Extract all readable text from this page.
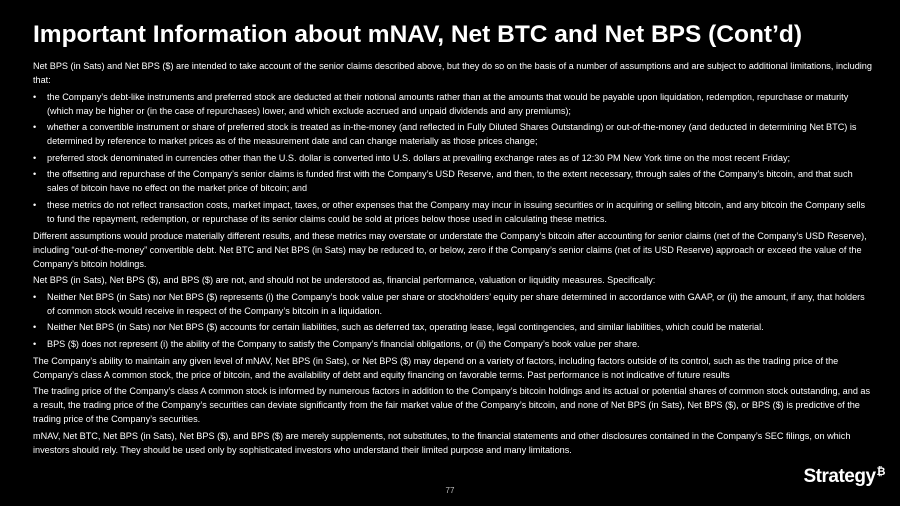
Important Information about mNAV, Net BTC and Net BPS (Cont’d)

Net BPS (in Sats) and Net BPS ($) are intended to take account of the senior claims described above, but they do so on the basis of a number of assumptions and are subject to additional limitations, including that:

• the Company’s debt-like instruments and preferred stock are deducted at their notional amounts rather than at the amounts that would be payable upon liquidation, redemption, repurchase or maturity (which may be higher or (in the case of repurchases) lower, and which exclude accrued and unpaid dividends and any premiums);
• whether a convertible instrument or share of preferred stock is treated as in-the-money (and reflected in Fully Diluted Shares Outstanding) or out-of-the-money (and deducted in determining Net BTC) is determined by reference to market prices as of the measurement date and can change materially as those prices change;
• preferred stock denominated in currencies other than the U.S. dollar is converted into U.S. dollars at prevailing exchange rates as of 12:30 PM New York time on the most recent Friday;
• the offsetting and repurchase of the Company’s senior claims is funded first with the Company’s USD Reserve, and then, to the extent necessary, through sales of the Company’s bitcoin, and that such sales of bitcoin have no effect on the market price of bitcoin; and
• these metrics do not reflect transaction costs, market impact, taxes, or other expenses that the Company may incur in issuing securities or in acquiring or selling bitcoin, and any bitcoin the Company sells to fund the repayment, redemption, or repurchase of its senior claims could be sold at prices below those used in calculating these metrics.

Different assumptions would produce materially different results, and these metrics may overstate or understate the Company’s bitcoin after accounting for senior claims (net of the Company’s USD Reserve), including “out-of-the-money” convertible debt. Net BTC and Net BPS (in Sats) may be reduced to, or below, zero if the Company’s senior claims (net of its USD Reserve) approach or exceed the value of the Company’s bitcoin holdings.

Net BPS (in Sats), Net BPS ($), and BPS ($) are not, and should not be understood as, financial performance, valuation or liquidity measures. Specifically:

• Neither Net BPS (in Sats) nor Net BPS ($) represents (i) the Company’s book value per share or stockholders’ equity per share determined in accordance with GAAP, or (ii) the amount, if any, that holders of common stock would receive in respect of the Company’s bitcoin in a liquidation.
• Neither Net BPS (in Sats) nor Net BPS ($) accounts for certain liabilities, such as deferred tax, operating lease, legal contingencies, and similar liabilities, which could be material.
• BPS ($) does not represent (i) the ability of the Company to satisfy the Company’s financial obligations, or (ii) the Company’s book value per share.

The Company’s ability to maintain any given level of mNAV, Net BPS (in Sats), or Net BPS ($) may depend on a variety of factors, including factors outside of its control, such as the trading price of the Company’s class A common stock, the price of bitcoin, and the availability of debt and equity financing on favorable terms. Past performance is not indicative of future results

The trading price of the Company’s class A common stock is informed by numerous factors in addition to the Company’s bitcoin holdings and its actual or potential shares of common stock outstanding, and as a result, the trading price of the Company’s securities can deviate significantly from the fair market value of the Company’s bitcoin, and none of Net BPS (in Sats), Net BPS ($), or BPS ($) is predictive of the trading price of the Company’s securities.

mNAV, Net BTC, Net BPS (in Sats), Net BPS ($), and BPS ($) are merely supplements, not substitutes, to the financial statements and other disclosures contained in the Company’s SEC filings, on which investors should rely. They should be used only by sophisticated investors who understand their limited purpose and many limitations.

77
Strategy₿
